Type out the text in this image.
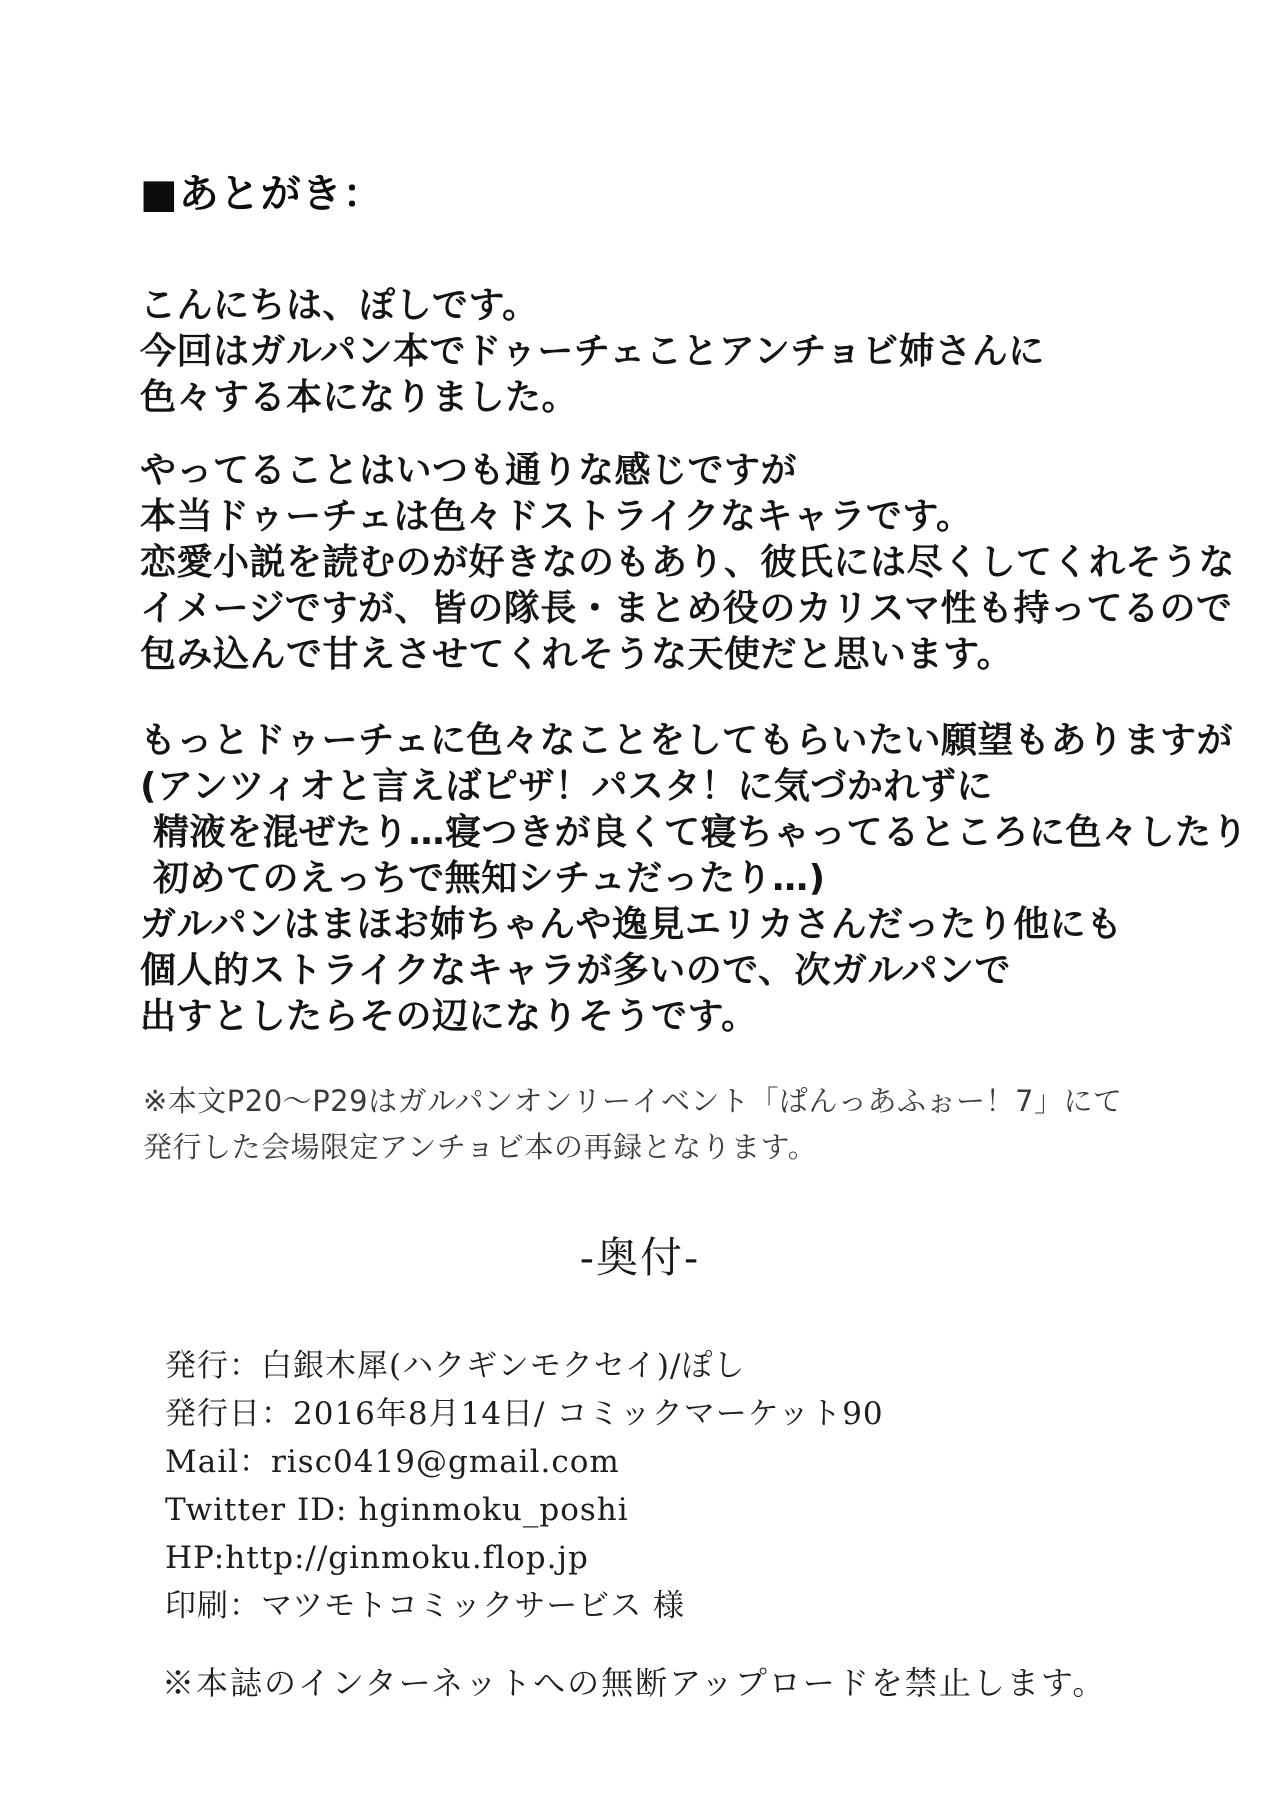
■あとがき：
こんにちは、ぽしです。
今回はガルパン本でドゥーチェことアンチョビ姉さんに
色々する本になりました。
やってることはいつも通りな感じですが
本当ドゥーチェは色々ドストライクなキャラです。
恋愛小説を読むのが好きなのもあり、彼氏には尽くしてくれそうな
イメージですが、皆の隊長・まとめ役のカリスマ性も持ってるので
包み込んで甘えさせてくれそうな天使だと思います。
もっとドゥーチェに色々なことをしてもらいたい願望もありますが
(アンツィオと言えばピザ！パスタ！に気づかれずに
精液を混ぜたり…寝つきが良くて寝ちゃってるところに色々したり
初めてのえっちで無知シチュだったり…)
ガルパンはまほお姉ちゃんや逸見エリカさんだったり他にも
個人的ストライクなキャラが多いので、次ガルパンで
出すとしたらその辺になりそうです。
※本文P20～P29はガルパンオンリーイベント「ぱんっあふぉー！7」にて
発行した会場限定アンチョビ本の再録となります。
-奥付-
発行：白銀木犀(ハクギンモクセイ)/ぽし
発行日：2016年8月14日/ コミックマーケット90
Mail：risc0419@gmail.com
Twitter ID: hginmoku_poshi
HP:http://ginmoku.flop.jp
印刷：マツモトコミックサービス 様
※本誌のインターネットへの無断アップロードを禁止します。
